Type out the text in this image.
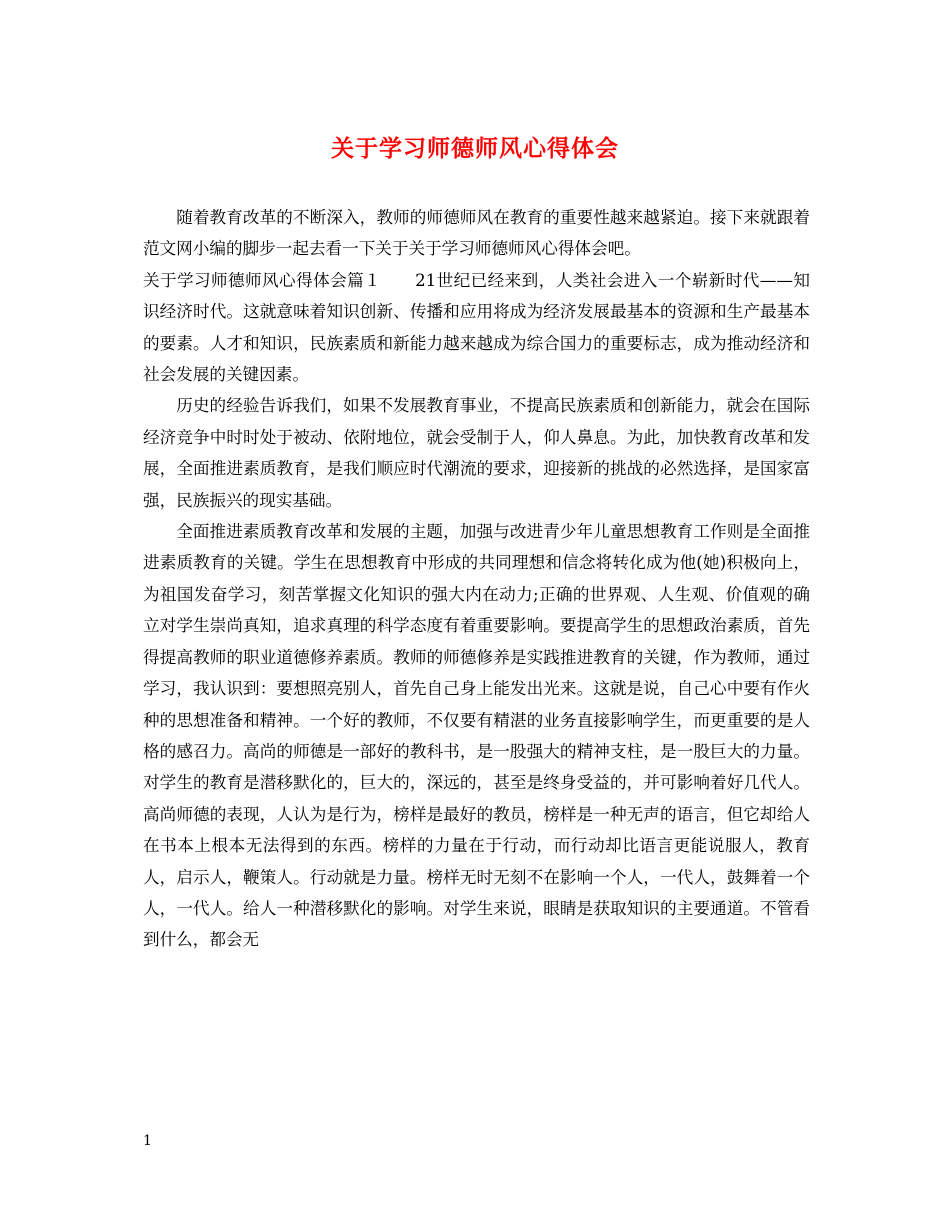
关于学习师德师风心得体会

随着教育改革的不断深入，教师的师德师风在教育的重要性越来越紧迫。接下来就跟着范文网小编的脚步一起去看一下关于关于学习师德师风心得体会吧。

关于学习师德师风心得体会篇１　　21世纪已经来到，人类社会进入一个崭新时代——知识经济时代。这就意味着知识创新、传播和应用将成为经济发展最基本的资源和生产最基本的要素。人才和知识，民族素质和新能力越来越成为综合国力的重要标志，成为推动经济和社会发展的关键因素。

历史的经验告诉我们，如果不发展教育事业，不提高民族素质和创新能力，就会在国际经济竞争中时时处于被动、依附地位，就会受制于人，仰人鼻息。为此，加快教育改革和发展，全面推进素质教育，是我们顺应时代潮流的要求，迎接新的挑战的必然选择，是国家富强，民族振兴的现实基础。

全面推进素质教育改革和发展的主题，加强与改进青少年儿童思想教育工作则是全面推进素质教育的关键。学生在思想教育中形成的共同理想和信念将转化成为他(她)积极向上，为祖国发奋学习，刻苦掌握文化知识的强大内在动力;正确的世界观、人生观、价值观的确立对学生崇尚真知，追求真理的科学态度有着重要影响。要提高学生的思想政治素质，首先得提高教师的职业道德修养素质。教师的师德修养是实践推进教育的关键，作为教师，通过学习，我认识到：要想照亮别人，首先自己身上能发出光来。这就是说，自己心中要有作火种的思想准备和精神。一个好的教师，不仅要有精湛的业务直接影响学生，而更重要的是人格的感召力。高尚的师德是一部好的教科书，是一股强大的精神支柱，是一股巨大的力量。对学生的教育是潜移默化的，巨大的，深远的，甚至是终身受益的，并可影响着好几代人。高尚师德的表现，人认为是行为，榜样是最好的教员，榜样是一种无声的语言，但它却给人在书本上根本无法得到的东西。榜样的力量在于行动，而行动却比语言更能说服人，教育人，启示人，鞭策人。行动就是力量。榜样无时无刻不在影响一个人，一代人，鼓舞着一个人，一代人。给人一种潜移默化的影响。对学生来说，眼睛是获取知识的主要通道。不管看到什么，都会无

1
